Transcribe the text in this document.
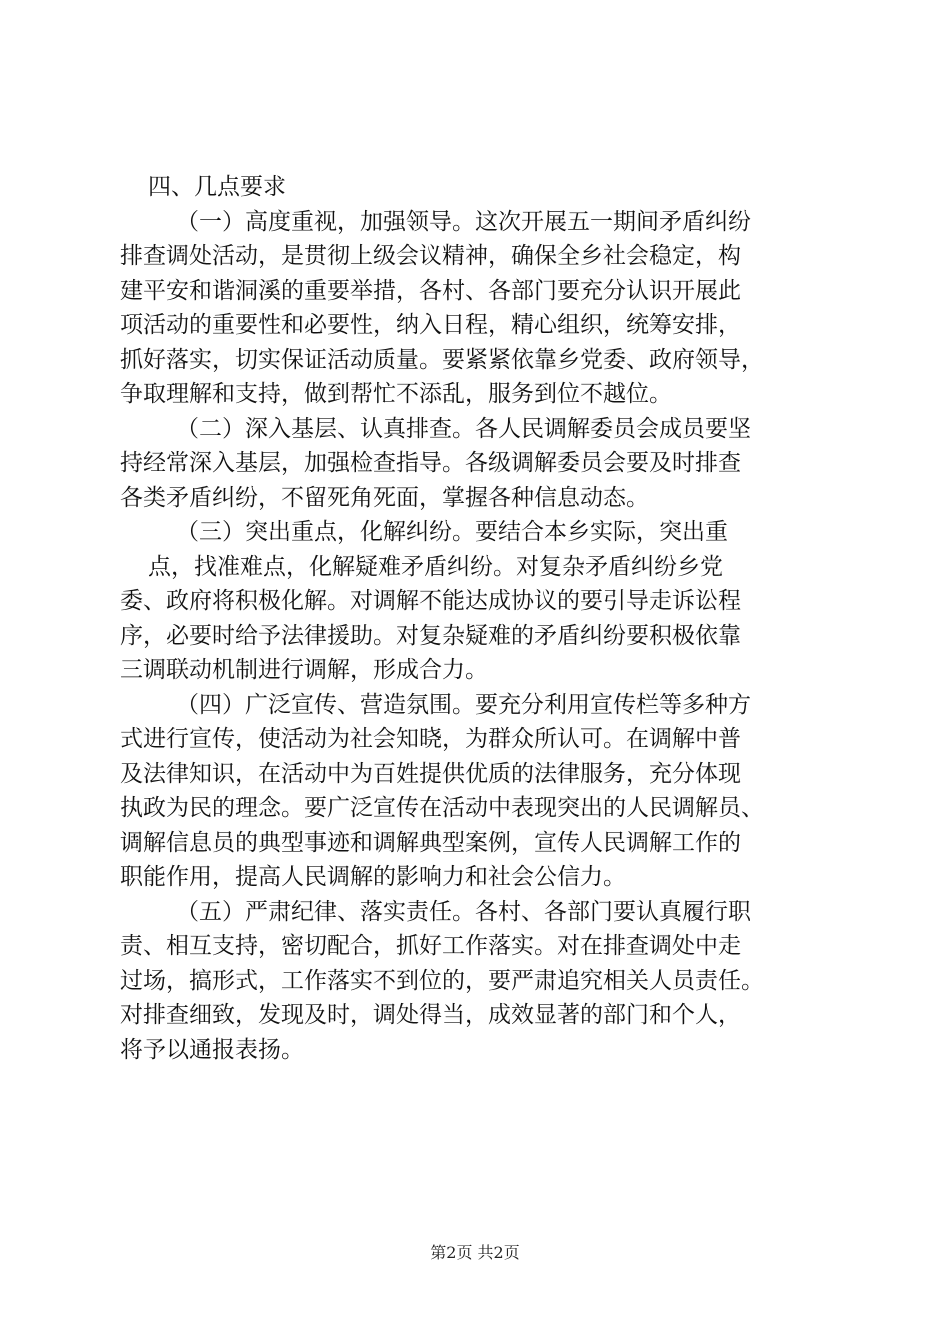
四、几点要求
（一）高度重视，加强领导。这次开展五一期间矛盾纠纷
排查调处活动，是贯彻上级会议精神，确保全乡社会稳定，构
建平安和谐洞溪的重要举措，各村、各部门要充分认识开展此
项活动的重要性和必要性，纳入日程，精心组织，统筹安排，
抓好落实，切实保证活动质量。要紧紧依靠乡党委、政府领导，
争取理解和支持，做到帮忙不添乱，服务到位不越位。
（二）深入基层、认真排查。各人民调解委员会成员要坚
持经常深入基层，加强检查指导。各级调解委员会要及时排查
各类矛盾纠纷，不留死角死面，掌握各种信息动态。
（三）突出重点，化解纠纷。要结合本乡实际，突出重
点，找准难点，化解疑难矛盾纠纷。对复杂矛盾纠纷乡党
委、政府将积极化解。对调解不能达成协议的要引导走诉讼程
序，必要时给予法律援助。对复杂疑难的矛盾纠纷要积极依靠
三调联动机制进行调解，形成合力。
（四）广泛宣传、营造氛围。要充分利用宣传栏等多种方
式进行宣传，使活动为社会知晓，为群众所认可。在调解中普
及法律知识，在活动中为百姓提供优质的法律服务，充分体现
执政为民的理念。要广泛宣传在活动中表现突出的人民调解员、
调解信息员的典型事迹和调解典型案例，宣传人民调解工作的
职能作用，提高人民调解的影响力和社会公信力。
（五）严肃纪律、落实责任。各村、各部门要认真履行职
责、相互支持，密切配合，抓好工作落实。对在排查调处中走
过场，搞形式，工作落实不到位的，要严肃追究相关人员责任。
对排查细致，发现及时，调处得当，成效显著的部门和个人，
将予以通报表扬。
第2页 共2页
